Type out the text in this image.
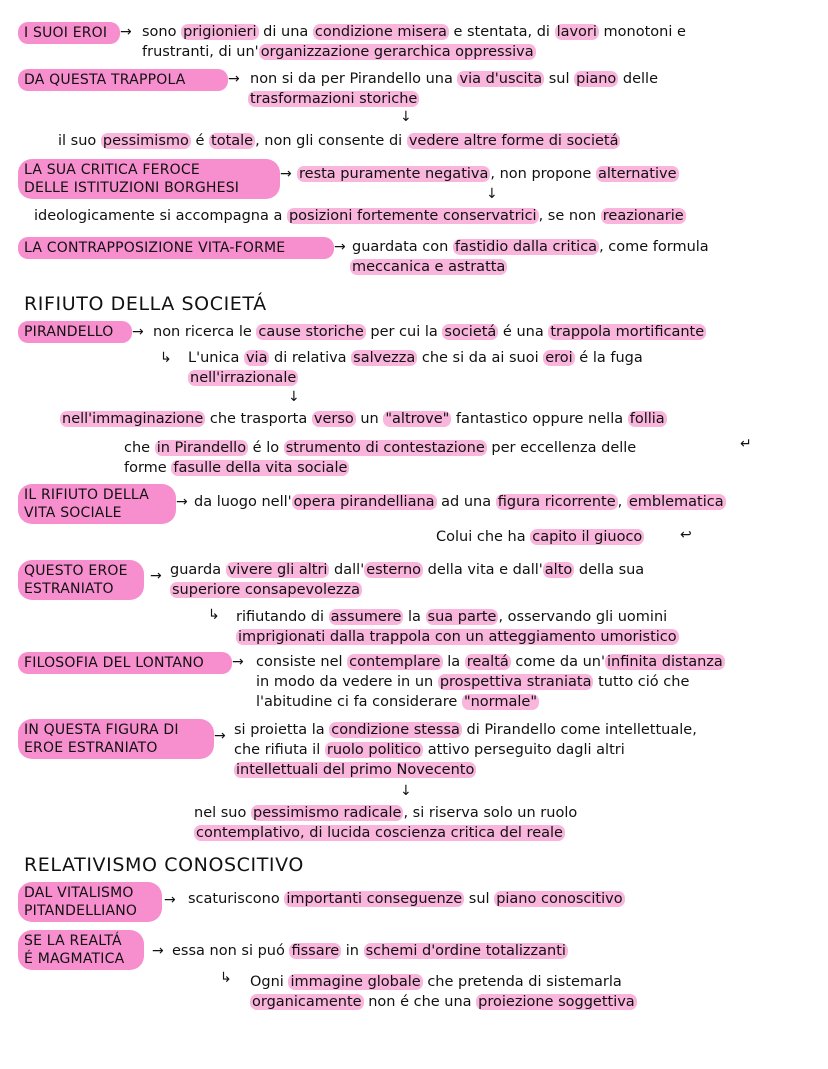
I SUOI EROI → sono prigionieri di una condizione misera e stentata, di lavori monotoni e
frustranti, di un' organizzazione gerarchica oppressiva
DA QUESTA TRAPPOLA	→ non si da per Pirandello una via d'uscita sul piano delle
trasformazioni storiche
↓
il suo pessimismo é totale , non gli consente di vedere altre forme di societá
LA SUA CRITICA FEROCE
DELLE ISTITUZIONI BORGHESI
→ resta puramente negativa , non propone alternative
↓
ideologicamente si accompagna a posizioni fortemente conservatrici , se non reazionarie
LA CONTRAPPOSIZIONE VITA-FORME	→ guardata con fastidio dalla critica , come formula
meccanica e astratta
RIFIUTO DELLA SOCIETÁ
PIRANDELLO → non ricerca le cause storiche per cui la societá é una trappola mortificante
↳ L'unica via di relativa salvezza che si da ai suoi eroi é la fuga
nell'irrazionale
↓
nell'immaginazione che trasporta verso un "altrove" fantastico oppure nella follia
↵
che in Pirandello é lo strumento di contestazione per eccellenza delle
forme fasulle della vita sociale
IL RIFIUTO DELLA
VITA SOCIALE
→ da luogo nell' opera pirandelliana ad una figura ricorrente , emblematica
Colui che ha capito il giuoco	↩
QUESTO EROE
ESTRANIATO
→ guarda vivere gli altri dall' esterno della vita e dall' alto della sua
superiore consapevolezza
↳ rifiutando di assumere la sua parte , osservando gli uomini
imprigionati dalla trappola con un atteggiamento umoristico
FILOSOFIA DEL LONTANO → consiste nel contemplare la realtá come da un' infinita distanza
in modo da vedere in un prospettiva straniata tutto ció che
l'abitudine ci fa considerare "normale"
IN QUESTA FIGURA DI
EROE ESTRANIATO
→ si proietta la condizione stessa di Pirandello come intellettuale,
che rifiuta il ruolo politico attivo perseguito dagli altri
intellettuali del primo Novecento
↓
nel suo pessimismo radicale , si riserva solo un ruolo
contemplativo, di lucida coscienza critica del reale
RELATIVISMO CONOSCITIVO
DAL VITALISMO
PITANDELLIANO
→ scaturiscono importanti conseguenze sul piano conoscitivo
SE LA REALTÁ
É MAGMATICA → essa non si puó fissare in schemi d'ordine totalizzanti
↳ Ogni immagine globale che pretenda di sistemarla
organicamente non é che una proiezione soggettiva
